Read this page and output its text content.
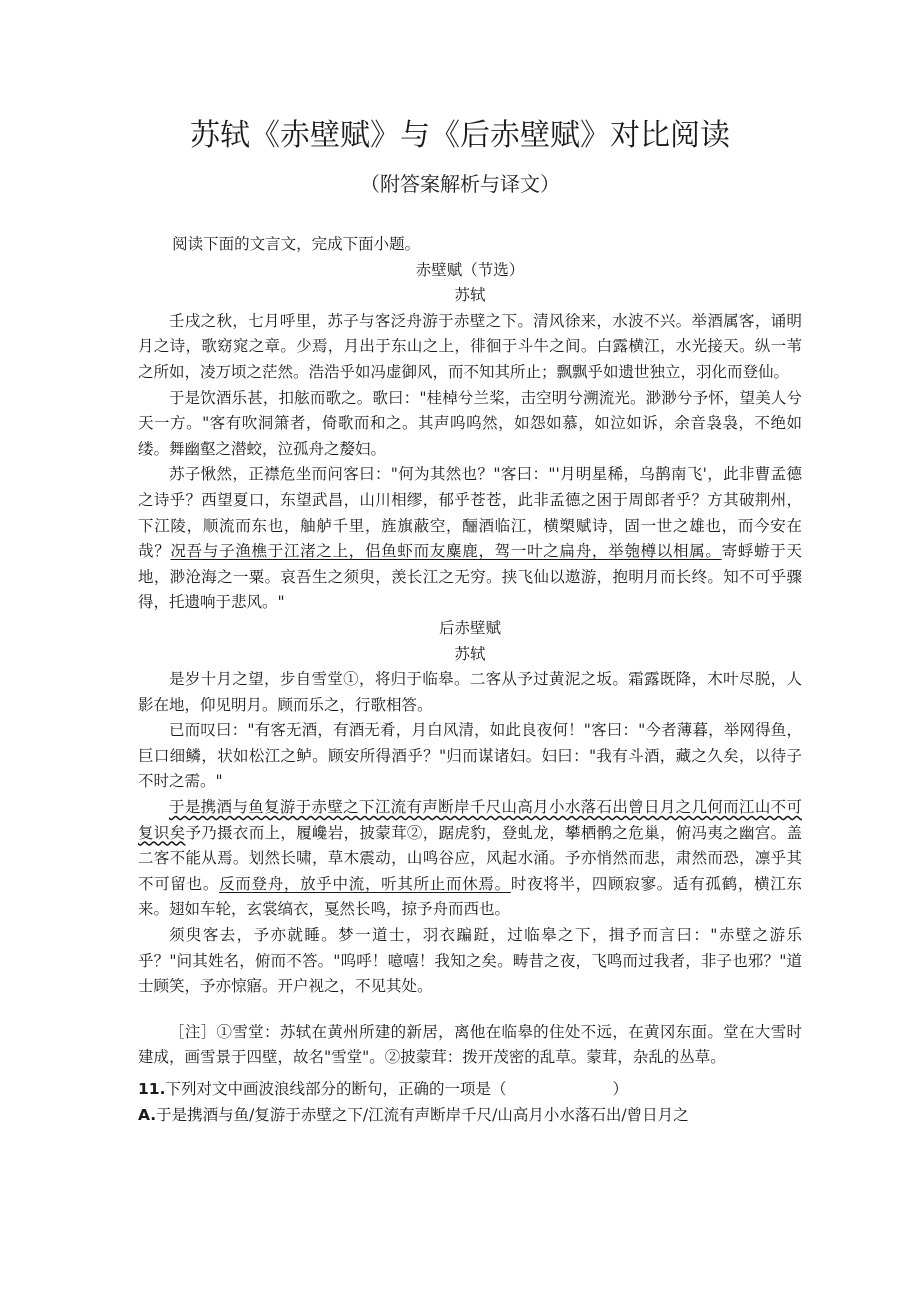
苏轼《赤壁赋》与《后赤壁赋》对比阅读
（附答案解析与译文）

阅读下面的文言文，完成下面小题。

赤壁赋（节选）

苏轼

壬戌之秋，七月呼里，苏子与客泛舟游于赤壁之下。清风徐来，水波不兴。举酒属客，诵明月之诗，歌窈窕之章。少焉，月出于东山之上，徘徊于斗牛之间。白露横江，水光接天。纵一苇之所如，凌万顷之茫然。浩浩乎如冯虚御风，而不知其所止；飘飘乎如遗世独立，羽化而登仙。

于是饮酒乐甚，扣舷而歌之。歌曰："桂棹兮兰桨，击空明兮溯流光。渺渺兮予怀，望美人兮天一方。"客有吹洞箫者，倚歌而和之。其声呜呜然，如怨如慕，如泣如诉，余音袅袅，不绝如缕。舞幽壑之潜蛟，泣孤舟之嫠妇。

苏子愀然，正襟危坐而问客曰："何为其然也？"客曰："'月明星稀，乌鹊南飞'，此非曹孟德之诗乎？西望夏口，东望武昌，山川相缪，郁乎苍苍，此非孟德之困于周郎者乎？方其破荆州，下江陵，顺流而东也，舳舻千里，旌旗蔽空，酾酒临江，横槊赋诗，固一世之雄也，而今安在哉？况吾与子渔樵于江渚之上，侣鱼虾而友麋鹿，驾一叶之扁舟，举匏樽以相属。寄蜉蝣于天地，渺沧海之一粟。哀吾生之须臾，羡长江之无穷。挟飞仙以遨游，抱明月而长终。知不可乎骤得，托遗响于悲风。"

后赤壁赋

苏轼

是岁十月之望，步自雪堂①，将归于临皋。二客从予过黄泥之坂。霜露既降，木叶尽脱，人影在地，仰见明月。顾而乐之，行歌相答。

已而叹曰："有客无酒，有酒无肴，月白风清，如此良夜何！"客曰："今者薄暮，举网得鱼，巨口细鳞，状如松江之鲈。顾安所得酒乎？"归而谋诸妇。妇曰："我有斗酒，藏之久矣，以待子不时之需。"

于是携酒与鱼复游于赤壁之下江流有声断岸千尺山高月小水落石出曾日月之几何而江山不可复识矣予乃摄衣而上，履巉岩，披蒙茸②，踞虎豹，登虬龙，攀栖鹘之危巢，俯冯夷之幽宫。盖二客不能从焉。划然长啸，草木震动，山鸣谷应，风起水涌。予亦悄然而悲，肃然而恐，凛乎其不可留也。反而登舟，放乎中流，听其所止而休焉。时夜将半，四顾寂寥。适有孤鹤，横江东来。翅如车轮，玄裳缟衣，戛然长鸣，掠予舟而西也。

须臾客去，予亦就睡。梦一道士，羽衣蹁跹，过临皋之下，揖予而言曰："赤壁之游乐乎？"问其姓名，俯而不答。"呜呼！噫嘻！我知之矣。畴昔之夜，飞鸣而过我者，非子也邪？"道士顾笑，予亦惊寤。开户视之，不见其处。

［注］①雪堂：苏轼在黄州所建的新居，离他在临皋的住处不远，在黄冈东面。堂在大雪时建成，画雪景于四壁，故名"雪堂"。②披蒙茸：拨开茂密的乱草。蒙茸，杂乱的丛草。

11.下列对文中画波浪线部分的断句，正确的一项是（	）

A.于是携酒与鱼/复游于赤壁之下/江流有声断岸千尺/山高月小水落石出/曾日月之
